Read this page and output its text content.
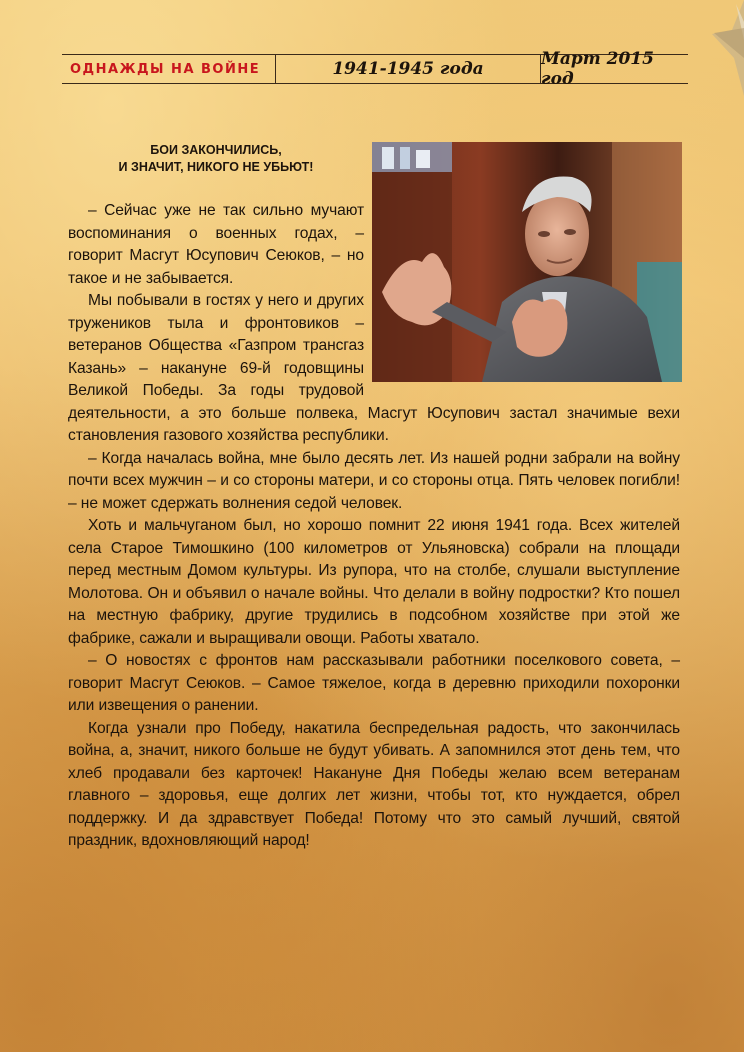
ОДНАЖДЫ НА ВОЙНЕ	1941-1945 года	Март 2015 год
БОИ ЗАКОНЧИЛИСЬ,
И ЗНАЧИТ, НИКОГО НЕ УБЬЮТ!

– Сейчас уже не так сильно мучают воспоминания о военных годах, – говорит Масгут Юсупович Сеюков, – но такое и не забывается.

Мы побывали в гостях у него и других тружеников тыла и фронтовиков – ветеранов Общества «Газпром трансгаз Казань» – накануне 69-й годовщины Великой Победы. За годы трудовой деятельности, а это больше полвека, Масгут Юсупович застал значимые вехи становления газового хозяйства республики.

– Когда началась война, мне было десять лет. Из нашей родни забрали на войну почти всех мужчин – и со стороны матери, и со стороны отца. Пять человек погибли! – не может сдержать волнения седой человек.

Хоть и мальчуганом был, но хорошо помнит 22 июня 1941 года. Всех жителей села Старое Тимошкино (100 километров от Ульяновска) собрали на площади перед местным Домом культуры. Из рупора, что на столбе, слушали выступление Молотова. Он и объявил о начале войны. Что делали в войну подростки? Кто пошел на местную фабрику, другие трудились в подсобном хозяйстве при этой же фабрике, сажали и выращивали овощи. Работы хватало.

– О новостях с фронтов нам рассказывали работники поселкового совета, – говорит Масгут Сеюков. – Самое тяжелое, когда в деревню приходили похоронки или извещения о ранении.

Когда узнали про Победу, накатила беспредельная радость, что закончилась война, а, значит, никого больше не будут убивать. А запомнился этот день тем, что хлеб продавали без карточек! Накануне Дня Победы желаю всем ветеранам главного – здоровья, еще долгих лет жизни, чтобы тот, кто нуждается, обрел поддержку. И да здравствует Победа! Потому что это самый лучший, святой праздник, вдохновляющий народ!
